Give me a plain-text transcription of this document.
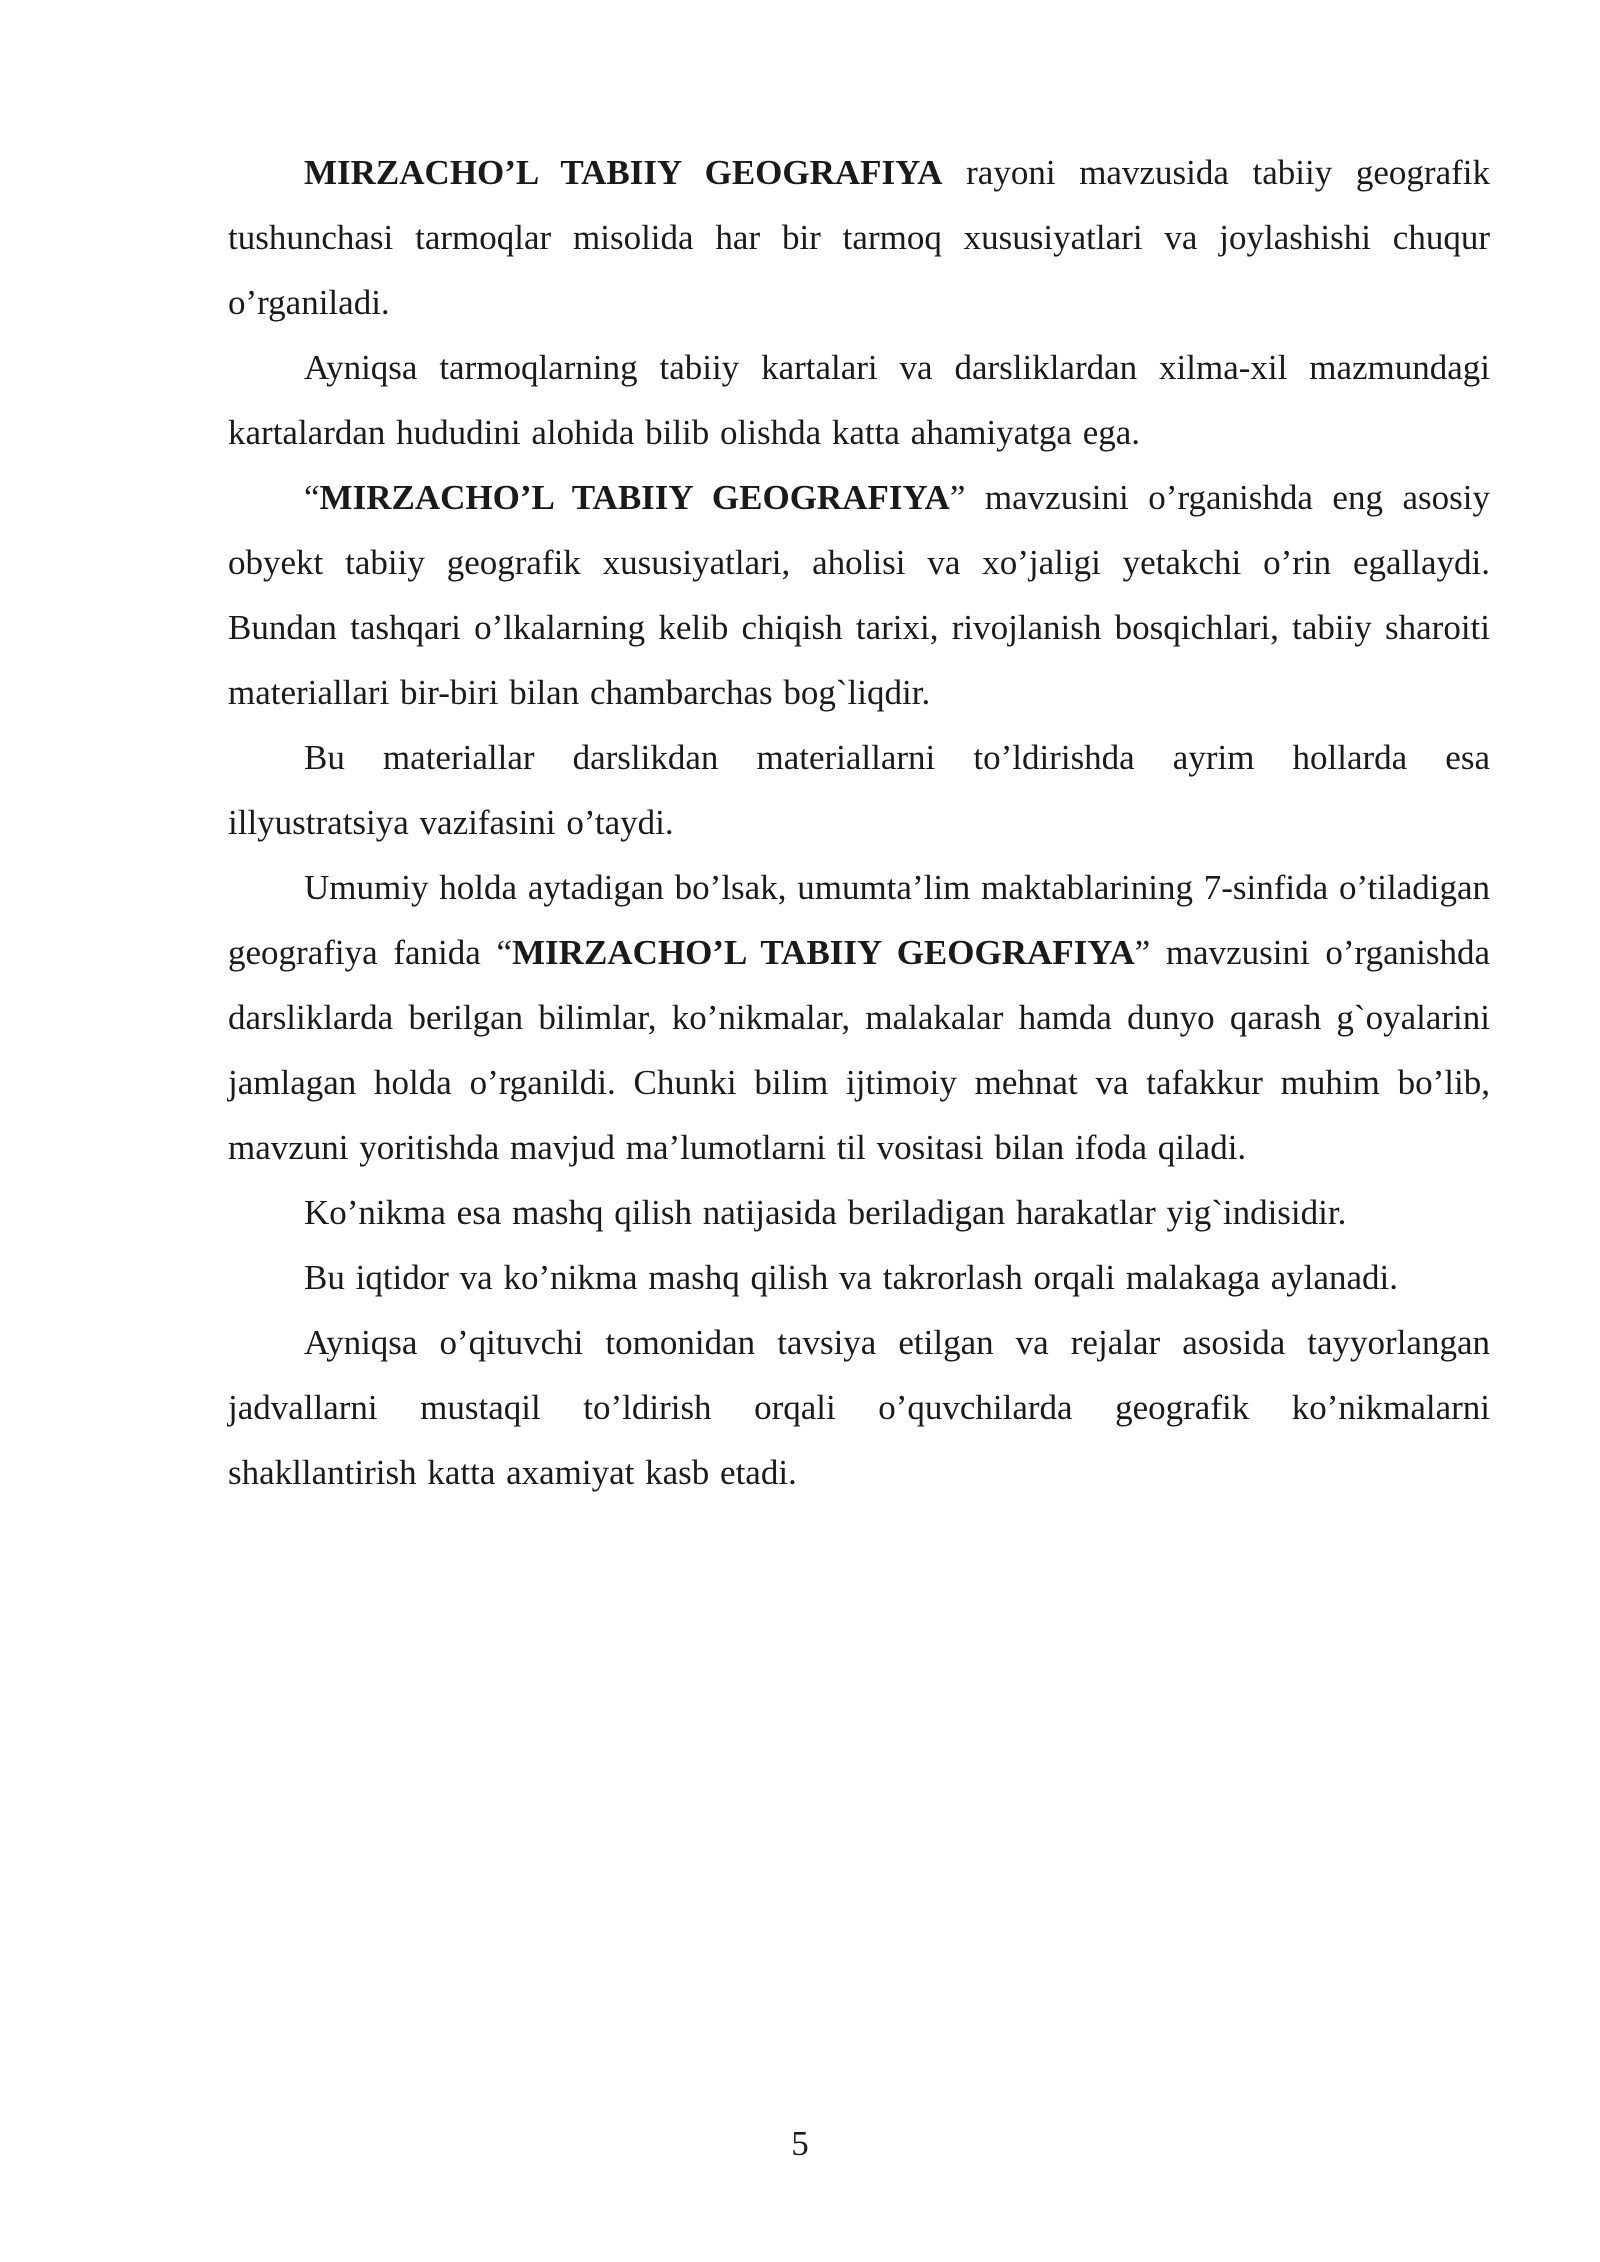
MIRZACHO’L TABIIY GEOGRAFIYA rayoni mavzusida tabiiy geografik tushunchasi tarmoqlar misolida har bir tarmoq xususiyatlari va joylashishi chuqur o’rganiladi.

Ayniqsa tarmoqlarning tabiiy kartalari va darsliklardan xilma-xil mazmundagi kartalardan hududini alohida bilib olishda katta ahamiyatga ega.

“MIRZACHO’L TABIIY GEOGRAFIYA” mavzusini o’rganishda eng asosiy obyekt tabiiy geografik xususiyatlari, aholisi va xo’jaligi yetakchi o’rin egallaydi. Bundan tashqari o’lkalarning kelib chiqish tarixi, rivojlanish bosqichlari, tabiiy sharoiti materiallari bir-biri bilan chambarchas bog`liqdir.

Bu materiallar darslikdan materiallarni to’ldirishda ayrim hollarda esa illyustratsiya vazifasini o’taydi.

Umumiy holda aytadigan bo’lsak, umumta’lim maktablarining 7-sinfida o’tiladigan geografiya fanida “MIRZACHO’L TABIIY GEOGRAFIYA” mavzusini o’rganishda darsliklarda berilgan bilimlar, ko’nikmalar, malakalar hamda dunyo qarash g`oyalarini jamlagan holda o’rganildi. Chunki bilim ijtimoiy mehnat va tafakkur muhim bo’lib, mavzuni yoritishda mavjud ma’lumotlarni til vositasi bilan ifoda qiladi.

Ko’nikma esa mashq qilish natijasida beriladigan harakatlar yig`indisidir.

Bu iqtidor va ko’nikma mashq qilish va takrorlash orqali malakaga aylanadi.

Ayniqsa o’qituvchi tomonidan tavsiya etilgan va rejalar asosida tayyorlangan jadvallarni mustaqil to’ldirish orqali o’quvchilarda geografik ko’nikmalarni shakllantirish katta axamiyat kasb etadi.

5
